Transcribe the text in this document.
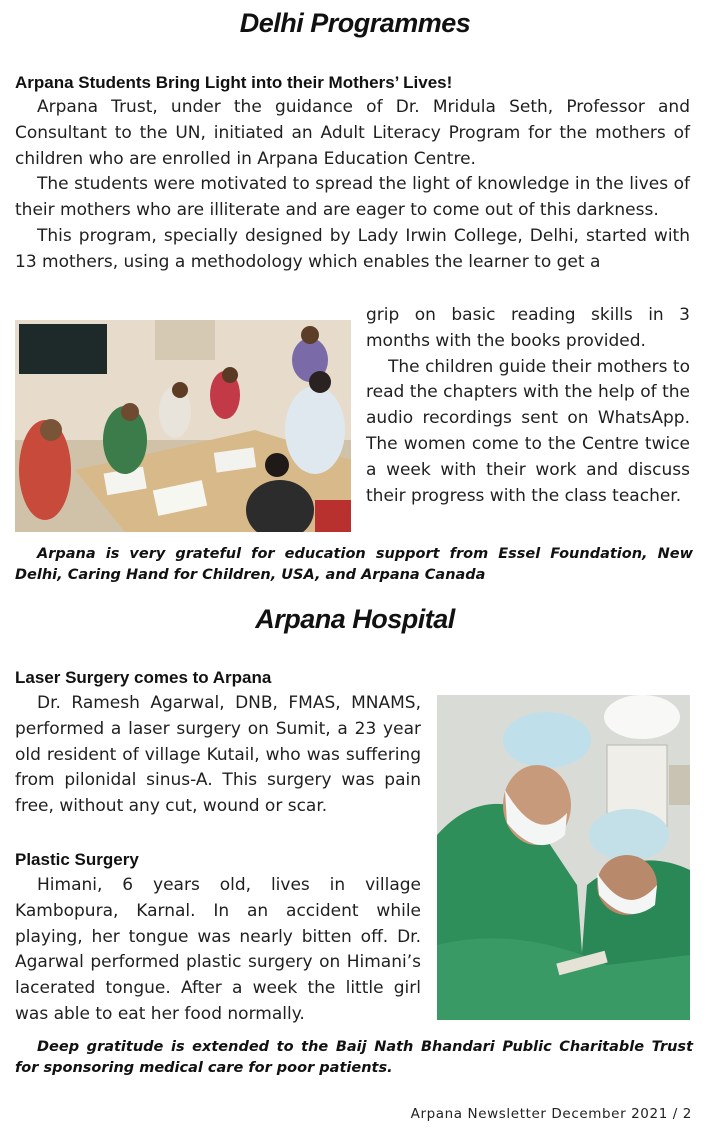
Delhi Programmes
Arpana Students Bring Light into their Mothers’ Lives!

Arpana Trust, under the guidance of Dr. Mridula Seth, Professor and Consultant to the UN, initiated an Adult Literacy Program for the mothers of children who are enrolled in Arpana Education Centre.

The students were motivated to spread the light of knowledge in the lives of their mothers who are illiterate and are eager to come out of this darkness.

This program, specially designed by Lady Irwin College, Delhi, started with 13 mothers, using a methodology which enables the learner to get a

grip on basic reading skills in 3 months with the books provided.

The children guide their mothers to read the chapters with the help of the audio recordings sent on WhatsApp. The women come to the Centre twice a week with their work and discuss their progress with the class teacher.

Arpana is very grateful for education support from Essel Foundation, New Delhi, Caring Hand for Children, USA, and Arpana Canada

Arpana Hospital
Laser Surgery comes to Arpana

Dr. Ramesh Agarwal, DNB, FMAS, MNAMS, performed a laser surgery on Sumit, a 23 year old resident of village Kutail, who was suffering from pilonidal sinus-A. This surgery was pain free, without any cut, wound or scar.

Plastic Surgery

Himani, 6 years old, lives in village Kambopura, Karnal. In an accident while playing, her tongue was nearly bitten off. Dr. Agarwal performed plastic surgery on Himani’s lacerated tongue. After a week the little girl was able to eat her food normally.

Deep gratitude is extended to the Baij Nath Bhandari Public Charitable Trust for sponsoring medical care for poor patients.

Arpana Newsletter December 2021 / 2
